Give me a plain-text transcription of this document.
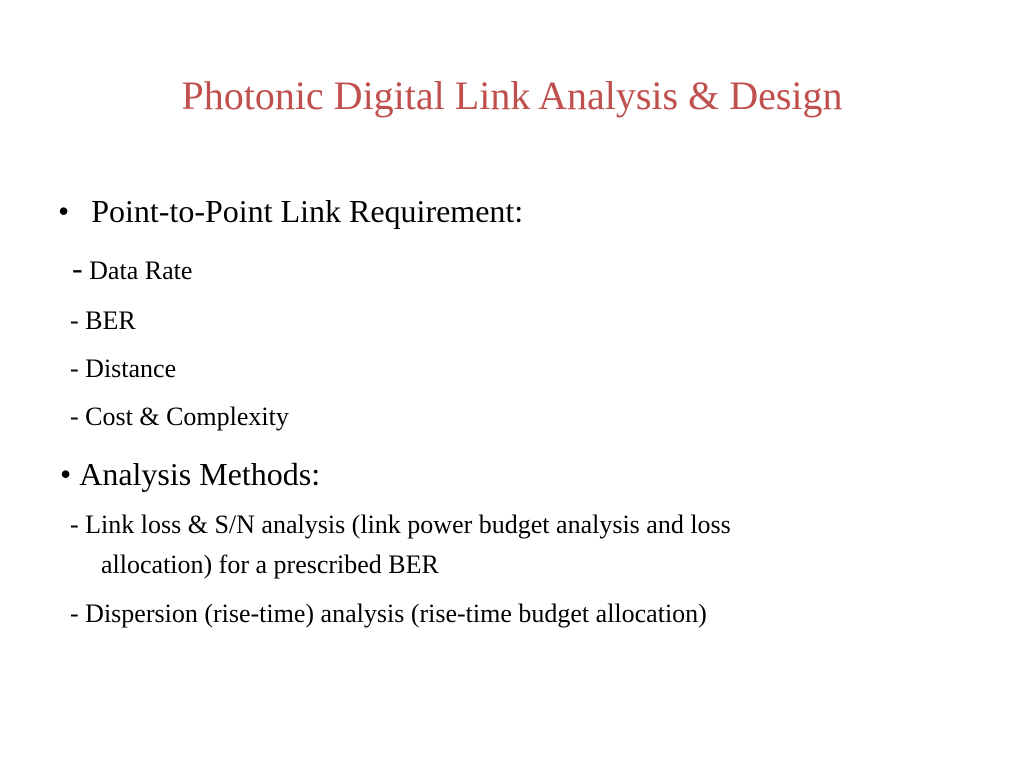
Photonic Digital Link Analysis & Design
• Point-to-Point Link Requirement:
- Data Rate
- BER
- Distance
- Cost & Complexity
• Analysis Methods:
- Link loss & S/N analysis (link power budget analysis and loss
allocation) for a prescribed BER
- Dispersion (rise-time) analysis (rise-time budget allocation)
